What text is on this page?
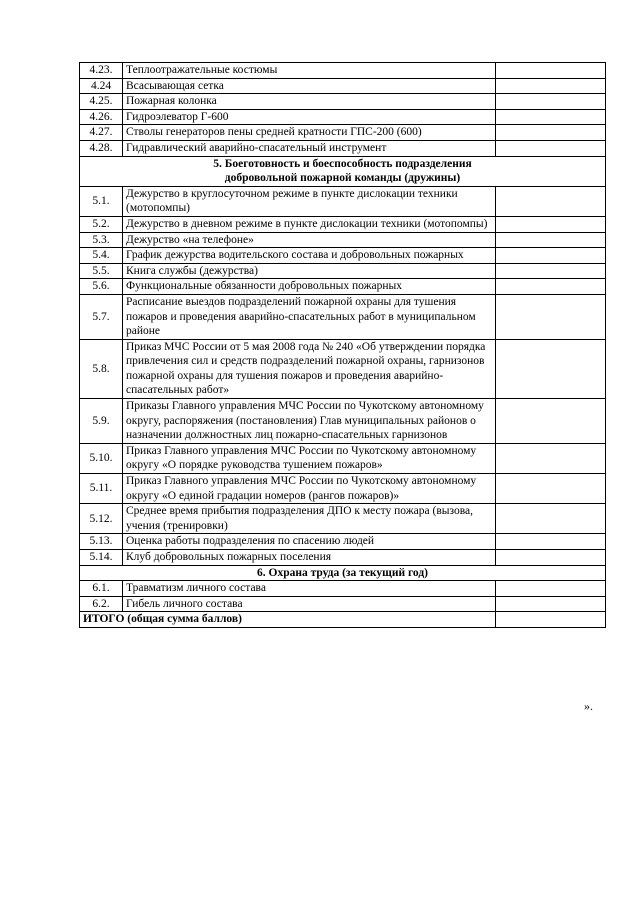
4.23.	Теплоотражательные костюмы	
4.24	Всасывающая сетка	
4.25.	Пожарная колонка	
4.26.	Гидроэлеватор Г-600	
4.27.	Стволы генераторов пены средней кратности ГПС-200 (600)	
4.28.	Гидравлический аварийно-спасательный инструмент	
5. Боеготовность и боеспособность подразделения
добровольной пожарной команды (дружины)		
5.1.	Дежурство в круглосуточном режиме в пункте дислокации техники (мотопомпы)	
5.2.	Дежурство в дневном режиме в пункте дислокации техники (мотопомпы)	
5.3.	Дежурство «на телефоне»	
5.4.	График дежурства водительского состава и добровольных пожарных	
5.5.	Книга службы (дежурства)	
5.6.	Функциональные обязанности добровольных пожарных	
5.7.	Расписание выездов подразделений пожарной охраны для тушения пожаров и проведения аварийно-спасательных работ в муниципальном районе	
5.8.	Приказ МЧС России от 5 мая 2008 года № 240 «Об утверждении порядка привлечения сил и средств подразделений пожарной охраны, гарнизонов пожарной охраны для тушения пожаров и проведения аварийно-спасательных работ»	
5.9.	Приказы Главного управления МЧС России по Чукотскому автономному округу, распоряжения (постановления) Глав муниципальных районов о назначении должностных лиц пожарно-спасательных гарнизонов	
5.10.	Приказ Главного управления МЧС России по Чукотскому автономному округу «О порядке руководства тушением пожаров»	
5.11.	Приказ Главного управления МЧС России по Чукотскому автономному округу «О единой градации номеров (рангов пожаров)»	
5.12.	Среднее время прибытия подразделения ДПО к месту пожара (вызова, учения (тренировки)	
5.13.	Оценка работы подразделения по спасению людей	
5.14.	Клуб добровольных пожарных поселения	
6. Охрана труда (за текущий год)		
6.1.	Травматизм личного состава	
6.2.	Гибель личного состава	
ИТОГО (общая сумма баллов)		
».
